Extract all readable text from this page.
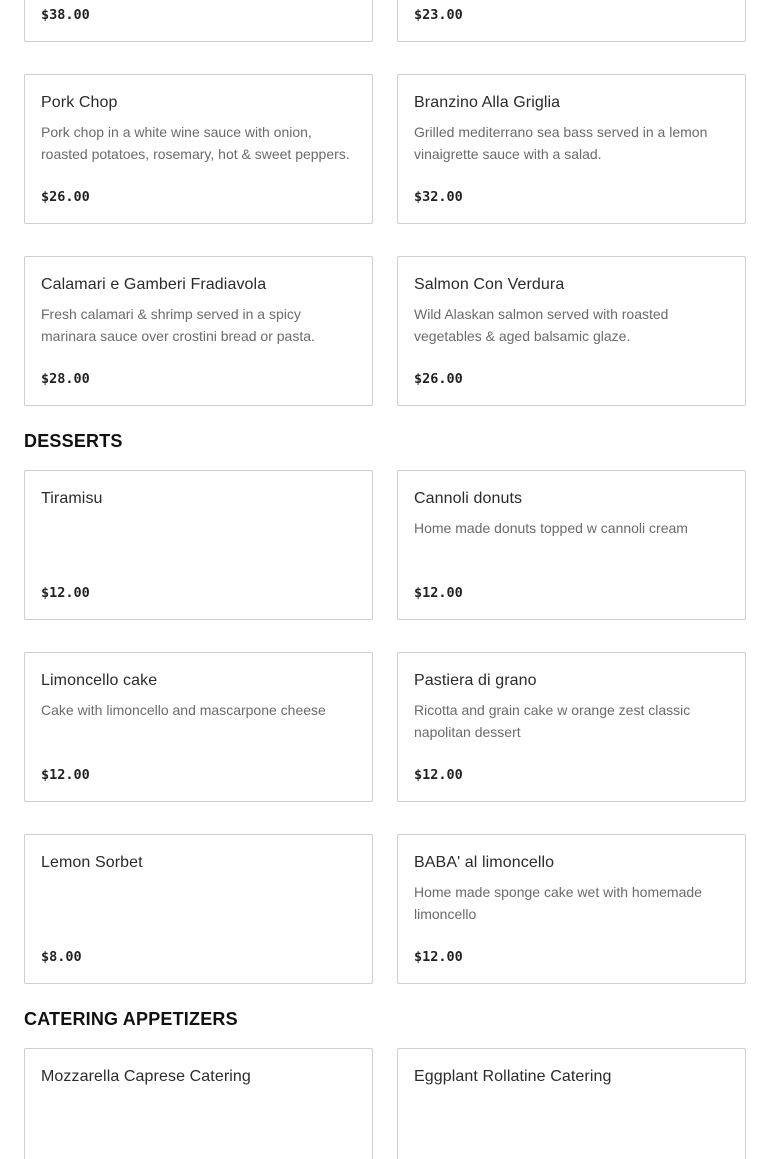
$38.00	$23.00
Pork Chop
Pork chop in a white wine sauce with onion, roasted potatoes, rosemary, hot & sweet peppers.
$26.00
Branzino Alla Griglia
Grilled mediterrano sea bass served in a lemon vinaigrette sauce with a salad.
$32.00
Calamari e Gamberi Fradiavola
Fresh calamari & shrimp served in a spicy marinara sauce over crostini bread or pasta.
$28.00
Salmon Con Verdura
Wild Alaskan salmon served with roasted vegetables & aged balsamic glaze.
$26.00
DESSERTS
Tiramisu
$12.00
Cannoli donuts
Home made donuts topped w cannoli cream
$12.00
Limoncello cake
Cake with limoncello and mascarpone cheese
$12.00
Pastiera di grano
Ricotta and grain cake w orange zest classic napolitan dessert
$12.00
Lemon Sorbet
$8.00
BABA' al limoncello
Home made sponge cake wet with homemade limoncello
$12.00
CATERING APPETIZERS
Mozzarella Caprese Catering	Eggplant Rollatine Catering
